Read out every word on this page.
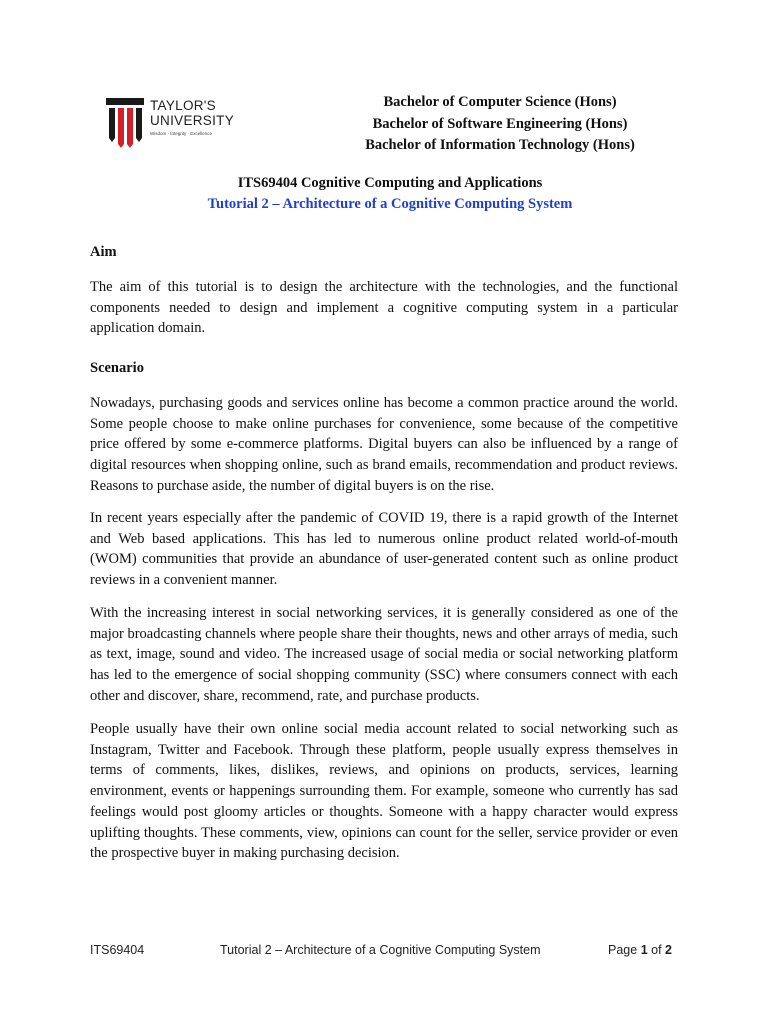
TAYLOR'S
UNIVERSITY
Wisdom · Integrity · Excellence
Bachelor of Computer Science (Hons)
Bachelor of Software Engineering (Hons)
Bachelor of Information Technology (Hons)
ITS69404 Cognitive Computing and Applications
Tutorial 2 – Architecture of a Cognitive Computing System
Aim

The aim of this tutorial is to design the architecture with the technologies, and the functional components needed to design and implement a cognitive computing system in a particular application domain.

Scenario

Nowadays, purchasing goods and services online has become a common practice around the world. Some people choose to make online purchases for convenience, some because of the competitive price offered by some e-commerce platforms. Digital buyers can also be influenced by a range of digital resources when shopping online, such as brand emails, recommendation and product reviews. Reasons to purchase aside, the number of digital buyers is on the rise.

In recent years especially after the pandemic of COVID 19, there is a rapid growth of the Internet and Web based applications. This has led to numerous online product related world-of-mouth (WOM) communities that provide an abundance of user-generated content such as online product reviews in a convenient manner.

With the increasing interest in social networking services, it is generally considered as one of the major broadcasting channels where people share their thoughts, news and other arrays of media, such as text, image, sound and video. The increased usage of social media or social networking platform has led to the emergence of social shopping community (SSC) where consumers connect with each other and discover, share, recommend, rate, and purchase products.

People usually have their own online social media account related to social networking such as Instagram, Twitter and Facebook. Through these platform, people usually express themselves in terms of comments, likes, dislikes, reviews, and opinions on products, services, learning environment, events or happenings surrounding them. For example, someone who currently has sad feelings would post gloomy articles or thoughts. Someone with a happy character would express uplifting thoughts. These comments, view, opinions can count for the seller, service provider or even the prospective buyer in making purchasing decision.

ITS69404	Tutorial 2 – Architecture of a Cognitive Computing System	Page 1 of 2
